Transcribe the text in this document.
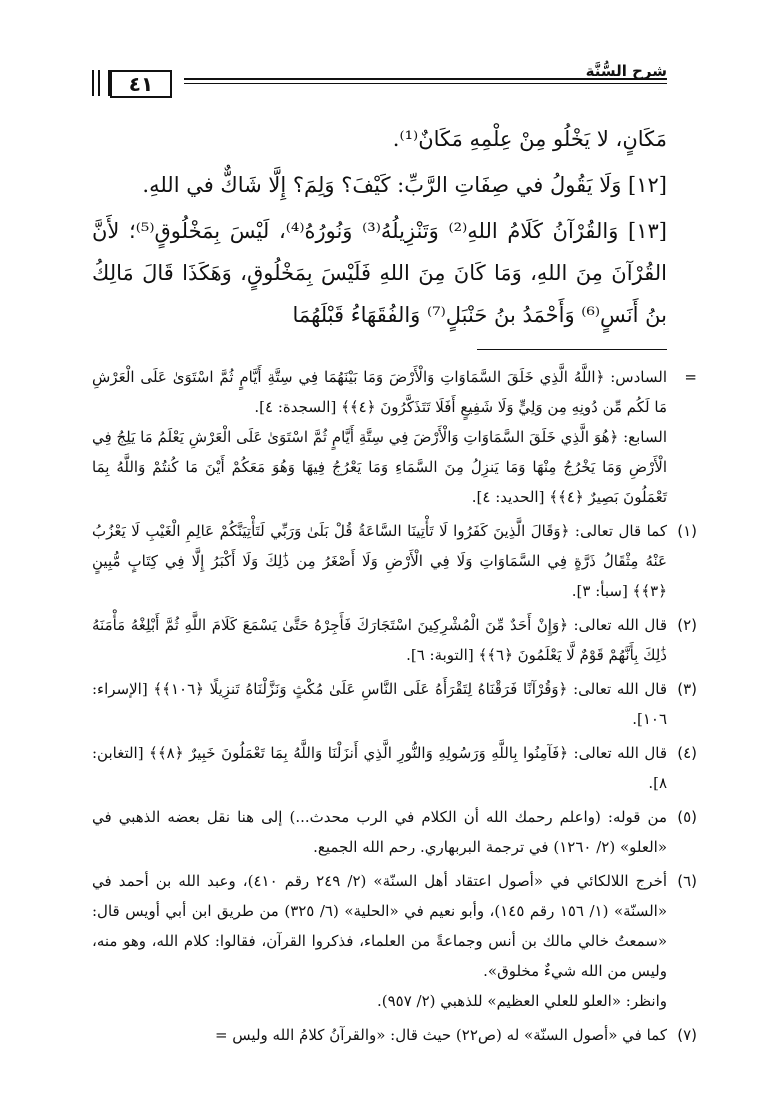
شرح السُّنَّة
٤١

مَكَانٍ، لا يَخْلُو مِنْ عِلْمِهِ مَكَانٌ⁽¹⁾.

[١٢] وَلَا يَقُولُ في صِفَاتِ الرَّبِّ: كَيْفَ؟ وَلِمَ؟ إِلَّا شَاكٌّ في اللهِ.

[١٣] وَالقُرْآنُ كَلَامُ اللهِ⁽²⁾ وَتَنْزِيلُهُ⁽³⁾ وَنُورُهُ⁽⁴⁾، لَيْسَ بِمَخْلُوقٍ⁽⁵⁾؛ لأَنَّ القُرْآنَ مِنَ اللهِ، وَمَا كَانَ مِنَ اللهِ فَلَيْسَ بِمَخْلُوقٍ، وَهَكَذَا قَالَ مَالِكُ بنُ أَنَسٍ⁽⁶⁾ وَأَحْمَدُ بنُ حَنْبَلٍ⁽⁷⁾ وَالفُقَهَاءُ قَبْلَهُمَا

=

السادس: ﴿اللَّهُ الَّذِي خَلَقَ السَّمَاوَاتِ وَالْأَرْضَ وَمَا بَيْنَهُمَا فِي سِتَّةِ أَيَّامٍ ثُمَّ اسْتَوَىٰ عَلَى الْعَرْشِ مَا لَكُم مِّن دُونِهِ مِن وَلِيٍّ وَلَا شَفِيعٍ أَفَلَا تَتَذَكَّرُونَ ﴿٤﴾﴾ [السجدة: ٤].

السابع: ﴿هُوَ الَّذِي خَلَقَ السَّمَاوَاتِ وَالْأَرْضَ فِي سِتَّةِ أَيَّامٍ ثُمَّ اسْتَوَىٰ عَلَى الْعَرْشِ يَعْلَمُ مَا يَلِجُ فِي الْأَرْضِ وَمَا يَخْرُجُ مِنْهَا وَمَا يَنزِلُ مِنَ السَّمَاءِ وَمَا يَعْرُجُ فِيهَا وَهُوَ مَعَكُمْ أَيْنَ مَا كُنتُمْ وَاللَّهُ بِمَا تَعْمَلُونَ بَصِيرٌ ﴿٤﴾﴾ [الحديد: ٤].

(١)

كما قال تعالى: ﴿وَقَالَ الَّذِينَ كَفَرُوا لَا تَأْتِينَا السَّاعَةُ قُلْ بَلَىٰ وَرَبِّي لَتَأْتِيَنَّكُمْ عَالِمِ الْغَيْبِ لَا يَعْزُبُ عَنْهُ مِثْقَالُ ذَرَّةٍ فِي السَّمَاوَاتِ وَلَا فِي الْأَرْضِ وَلَا أَصْغَرُ مِن ذَٰلِكَ وَلَا أَكْبَرُ إِلَّا فِي كِتَابٍ مُّبِينٍ ﴿٣﴾﴾ [سبأ: ٣].

(٢)

قال الله تعالى: ﴿وَإِنْ أَحَدٌ مِّنَ الْمُشْرِكِينَ اسْتَجَارَكَ فَأَجِرْهُ حَتَّىٰ يَسْمَعَ كَلَامَ اللَّهِ ثُمَّ أَبْلِغْهُ مَأْمَنَهُ ذَٰلِكَ بِأَنَّهُمْ قَوْمٌ لَّا يَعْلَمُونَ ﴿٦﴾﴾ [التوبة: ٦].

(٣)

قال الله تعالى: ﴿وَقُرْآنًا فَرَقْنَاهُ لِتَقْرَأَهُ عَلَى النَّاسِ عَلَىٰ مُكْثٍ وَنَزَّلْنَاهُ تَنزِيلًا ﴿١٠٦﴾﴾ [الإسراء: ١٠٦].

(٤)

قال الله تعالى: ﴿فَآمِنُوا بِاللَّهِ وَرَسُولِهِ وَالنُّورِ الَّذِي أَنزَلْنَا وَاللَّهُ بِمَا تَعْمَلُونَ خَبِيرٌ ﴿٨﴾﴾ [التغابن: ٨].

(٥)

من قوله: (واعلم رحمك الله أن الكلام في الرب محدث...) إلى هنا نقل بعضه الذهبي في «العلو» (٢/ ١٢٦٠) في ترجمة البربهاري. رحم الله الجميع.

(٦)

أخرج اللالكائي في «أصول اعتقاد أهل السنّة» (٢/ ٢٤٩ رقم ٤١٠)، وعبد الله بن أحمد في «السنّة» (١/ ١٥٦ رقم ١٤٥)، وأبو نعيم في «الحلية» (٦/ ٣٢٥) من طريق ابن أبي أويس قال: «سمعتُ خالي مالك بن أنس وجماعةً من العلماء، فذكروا القرآن، فقالوا: كلام الله، وهو منه، وليس من الله شيءٌ مخلوق».

وانظر: «العلو للعلي العظيم» للذهبي (٢/ ٩٥٧).

(٧)

كما في «أصول السنّة» له (ص٢٢) حيث قال: «والقرآنُ كلامُ الله وليس =
